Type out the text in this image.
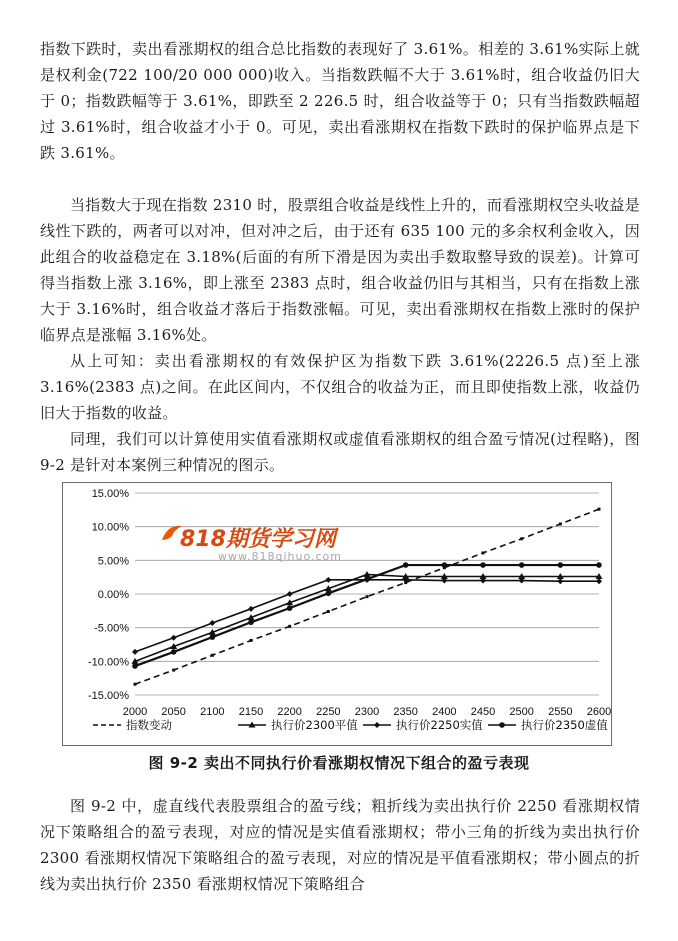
指数下跌时，卖出看涨期权的组合总比指数的表现好了 3.61%。相差的 3.61%实际上就是权利金(722 100/20 000 000)收入。当指数跌幅不大于 3.61%时，组合收益仍旧大于 0；指数跌幅等于 3.61%，即跌至 2 226.5 时，组合收益等于 0；只有当指数跌幅超过 3.61%时，组合收益才小于 0。可见，卖出看涨期权在指数下跌时的保护临界点是下跌 3.61%。

当指数大于现在指数 2310 时，股票组合收益是线性上升的，而看涨期权空头收益是线性下跌的，两者可以对冲，但对冲之后，由于还有 635 100 元的多余权利金收入，因此组合的收益稳定在 3.18%(后面的有所下滑是因为卖出手数取整导致的误差)。计算可得当指数上涨 3.16%，即上涨至 2383 点时，组合收益仍旧与其相当，只有在指数上涨大于 3.16%时，组合收益才落后于指数涨幅。可见，卖出看涨期权在指数上涨时的保护临界点是涨幅 3.16%处。

从上可知：卖出看涨期权的有效保护区为指数下跌 3.61%(2226.5 点)至上涨 3.16%(2383 点)之间。在此区间内，不仅组合的收益为正，而且即使指数上涨，收益仍旧大于指数的收益。

同理，我们可以计算使用实值看涨期权或虚值看涨期权的组合盈亏情况(过程略)，图 9-2 是针对本案例三种情况的图示。

15.00%
10.00%
5.00%
0.00%
-5.00%
-10.00%
-15.00%
2000 2050 2100 2150 2200 2250 2300 2350 2400 2450 2500 2550 2600
指数变动	执行价2300平值	执行价2250实值	执行价2350虚值
818期货学习网
www.818qihuo.com
图 9-2 卖出不同执行价看涨期权情况下组合的盈亏表现

图 9-2 中，虚直线代表股票组合的盈亏线；粗折线为卖出执行价 2250 看涨期权情况下策略组合的盈亏表现，对应的情况是实值看涨期权；带小三角的折线为卖出执行价 2300 看涨期权情况下策略组合的盈亏表现，对应的情况是平值看涨期权；带小圆点的折线为卖出执行价 2350 看涨期权情况下策略组合
